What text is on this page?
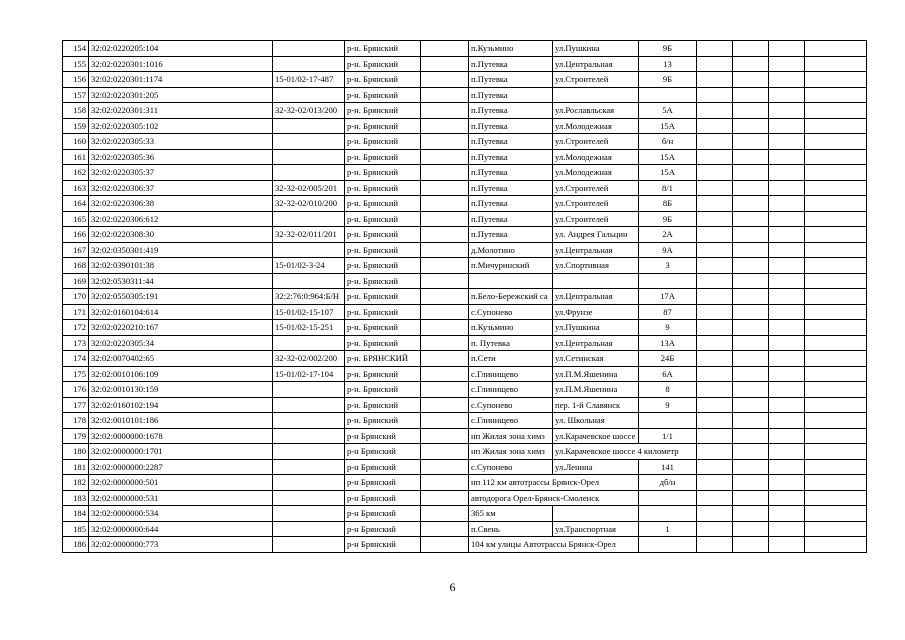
154	32:02:0220205:104		р-н. Брянский		п.Кузьмино	ул.Пушкина	9Б				
155	32:02:0220301:1016		р-н. Брянский		п.Путевка	ул.Центральная	13				
156	32:02:0220301:1174	15-01/02-17-487	р-н. Брянский		п.Путевка	ул.Строителей	9Б				
157	32:02:0220301:205		р-н. Брянский		п.Путевка						
158	32:02:0220301:311	32-32-02/013/200	р-н. Брянский		п.Путевка	ул.Рославльская	5А				
159	32:02:0220305:102		р-н. Брянский		п.Путевка	ул.Молодежная	15А				
160	32:02:0220305:33		р-н. Брянский		п.Путевка	ул.Строителей	б/н				
161	32:02:0220305:36		р-н. Брянский		п.Путевка	ул.Молодежная	15А				
162	32:02:0220305:37		р-н. Брянский		п.Путевка	ул.Молодежная	15А				
163	32:02:0220306:37	32-32-02/005/201	р-н. Брянский		п.Путевка	ул.Строителей	8/1				
164	32:02:0220306:38	32-32-02/010/200	р-н. Брянский		п.Путевка	ул.Строителей	8Б				
165	32:02:0220306:612		р-н. Брянский		п.Путевка	ул.Строителей	9Б				
166	32:02:0220308:30	32-32-02/011/201	р-н. Брянский		п.Путевка	ул. Андрея Гальцин	2А				
167	32:02:0350301:419		р-н. Брянский		д.Молотино	ул.Центральная	9А				
168	32:02:0390101:38	15-01/02-3-24	р-н. Брянский		п.Мичуринский	ул.Спортивная	3				
169	32:02:0530311:44		р-н. Брянский								
170	32:02:0550305:191	32:2:76:0:964:Б/Н	р-н. Брянский		п.Бело-Бережский са	ул.Центральная	17А				
171	32:02:0160104:614	15-01/02-15-107	р-н. Брянский		с.Супонево	ул.Фрунзе	87				
172	32:02:0220210:167	15-01/02-15-251	р-н. Брянский		п.Кузьмино	ул.Пушкина	9				
173	32:02:0220305:34		р-н. Брянский		п. Путевка	ул.Центральная	13А				
174	32:02:0070402:65	32-32-02/002/200	р-н. БРЯНСКИЙ		п.Сети	ул.Сетинская	24Б				
175	32:02:0010106:109	15-01/02-17-104	р-н. Брянский		с.Глинищево	ул.П.М.Яшенина	6А				
176	32:02:0010130:159		р-н. Брянский		с.Глинищево	ул.П.М.Яшенина	8				
177	32:02:0160102:194		р-н. Брянский		с.Супонево	пер. 1-й Славянск	9				
178	32:02:0010101:186		р-н. Брянский		с.Глинищево	ул. Школьная					
179	32:02:0000000:1678		р-н Брянский		нп Жилая зона химз	ул.Карачевское шоссе	1/1				
180	32:02:0000000:1701		р-н Брянский		нп Жилая зона химз	ул.Карачевское шоссе 4 километр					
181	32:02:0000000:2287		р-н Брянский		с.Супонево	ул.Ленина	141				
182	32:02:0000000:501		р-н Брянский		нп 112 км автотрассы Брянск-Орел		дб/н				
183	32:02:0000000:531		р-н Брянский		автодорога Орел-Брянск-Смоленск						
184	32:02:0000000:534		р-н Брянский		365 км						
185	32:02:0000000:644		р-н Брянский		п.Свень	ул.Транспортная	1				
186	32:02:0000000:773		р-н Брянский		104 км улицы Автотрассы Брянск-Орел						
6
